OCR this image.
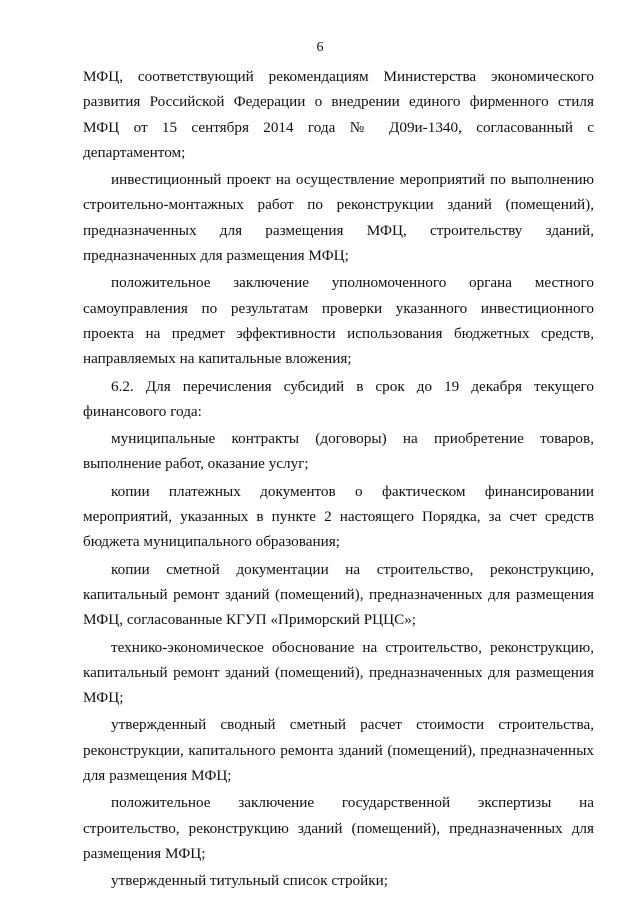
6

МФЦ, соответствующий рекомендациям Министерства экономического развития Российской Федерации о внедрении единого фирменного стиля МФЦ от 15 сентября 2014 года № Д09и-1340, согласованный с департаментом;

инвестиционный проект на осуществление мероприятий по выполнению строительно-монтажных работ по реконструкции зданий (помещений), предназначенных для размещения МФЦ, строительству зданий, предназначенных для размещения МФЦ;

положительное заключение уполномоченного органа местного самоуправления по результатам проверки указанного инвестиционного проекта на предмет эффективности использования бюджетных средств, направляемых на капитальные вложения;

6.2. Для перечисления субсидий в срок до 19 декабря текущего финансового года:

муниципальные контракты (договоры) на приобретение товаров, выполнение работ, оказание услуг;

копии платежных документов о фактическом финансировании мероприятий, указанных в пункте 2 настоящего Порядка, за счет средств бюджета муниципального образования;

копии сметной документации на строительство, реконструкцию, капитальный ремонт зданий (помещений), предназначенных для размещения МФЦ, согласованные КГУП «Приморский РЦЦС»;

технико-экономическое обоснование на строительство, реконструкцию, капитальный ремонт зданий (помещений), предназначенных для размещения МФЦ;

утвержденный сводный сметный расчет стоимости строительства, реконструкции, капитального ремонта зданий (помещений), предназначенных для размещения МФЦ;

положительное заключение государственной экспертизы на строительство, реконструкцию зданий (помещений), предназначенных для размещения МФЦ;

утвержденный титульный список стройки;
